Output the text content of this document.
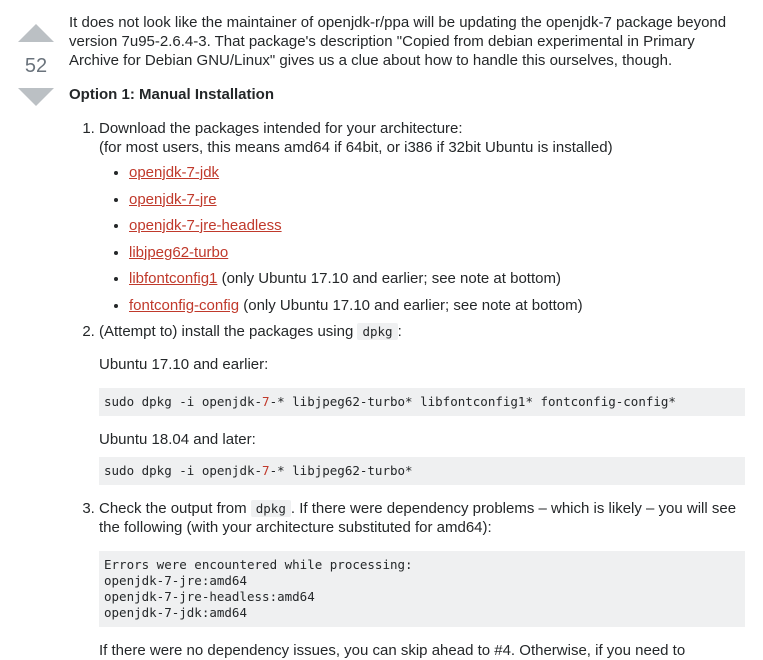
52

It does not look like the maintainer of openjdk-r/ppa will be updating the openjdk-7 package beyond version 7u95-2.6.4-3. That package's description "Copied from debian experimental in Primary Archive for Debian GNU/Linux" gives us a clue about how to handle this ourselves, though.

Option 1: Manual Installation
1. Download the packages intended for your architecture:
(for most users, this means amd64 if 64bit, or i386 if 32bit Ubuntu is installed)
• openjdk-7-jdk
• openjdk-7-jre
• openjdk-7-jre-headless
• libjpeg62-turbo
• libfontconfig1 (only Ubuntu 17.10 and earlier; see note at bottom)
• fontconfig-config (only Ubuntu 17.10 and earlier; see note at bottom)
2. (Attempt to) install the packages using dpkg :

Ubuntu 17.10 and earlier:

sudo dpkg -i openjdk-7-* libjpeg62-turbo* libfontconfig1* fontconfig-config*

Ubuntu 18.04 and later:

sudo dpkg -i openjdk-7-* libjpeg62-turbo*
3. Check the output from dpkg . If there were dependency problems – which is likely – you will see the following (with your architecture substituted for amd64):
Errors were encountered while processing:
openjdk-7-jre:amd64
openjdk-7-jre-headless:amd64
openjdk-7-jdk:amd64

If there were no dependency issues, you can skip ahead to #4. Otherwise, if you need to
